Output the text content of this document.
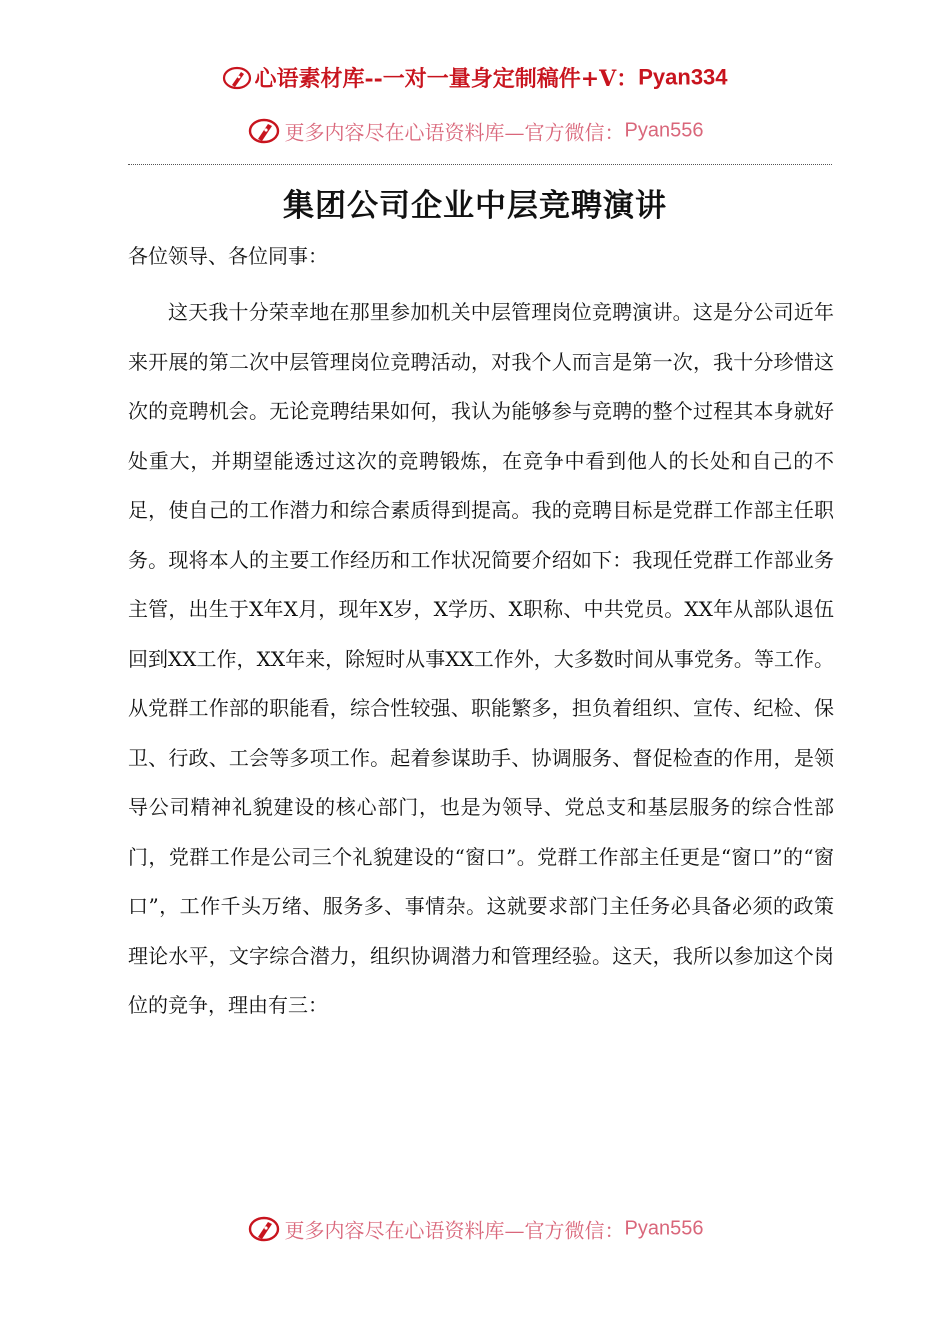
心语素材库--一对一量身定制稿件+V：Pyan334
更多内容尽在心语资料库—官方微信：Pyan556
集团公司企业中层竞聘演讲
各位领导、各位同事：

这天我十分荣幸地在那里参加机关中层管理岗位竞聘演讲。这是分公司近年来开展的第二次中层管理岗位竞聘活动，对我个人而言是第一次，我十分珍惜这次的竞聘机会。无论竞聘结果如何，我认为能够参与竞聘的整个过程其本身就好处重大，并期望能透过这次的竞聘锻炼，在竞争中看到他人的长处和自己的不足，使自己的工作潜力和综合素质得到提高。我的竞聘目标是党群工作部主任职务。现将本人的主要工作经历和工作状况简要介绍如下：我现任党群工作部业务主管，出生于X年X月，现年X岁，X学历、X职称、中共党员。XX年从部队退伍回到XX工作，XX年来，除短时从事XX工作外，大多数时间从事党务。等工作。从党群工作部的职能看，综合性较强、职能繁多，担负着组织、宣传、纪检、保卫、行政、工会等多项工作。起着参谋助手、协调服务、督促检查的作用，是领导公司精神礼貌建设的核心部门，也是为领导、党总支和基层服务的综合性部门，党群工作是公司三个礼貌建设的“窗口”。党群工作部主任更是“窗口”的“窗口”，工作千头万绪、服务多、事情杂。这就要求部门主任务必具备必须的政策理论水平，文字综合潜力，组织协调潜力和管理经验。这天，我所以参加这个岗位的竞争，理由有三：

更多内容尽在心语资料库—官方微信：Pyan556
